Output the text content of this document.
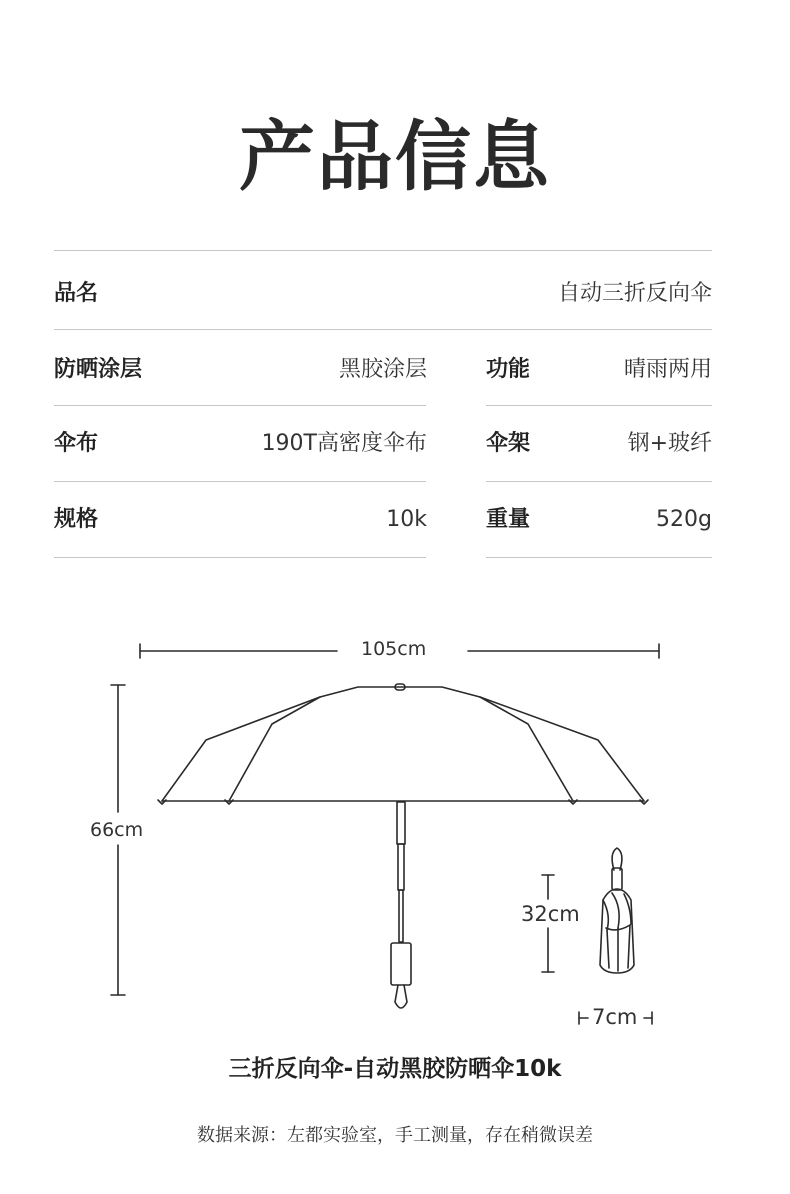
产品信息
品名	自动三折反向伞
防晒涂层	黑胶涂层	功能	晴雨两用
伞布	190T高密度伞布	伞架	钢+玻纤
规格	10k	重量	520g
105cm
66cm
32cm
7cm
三折反向伞-自动黑胶防晒伞10k
数据来源：左都实验室，手工测量，存在稍微误差
